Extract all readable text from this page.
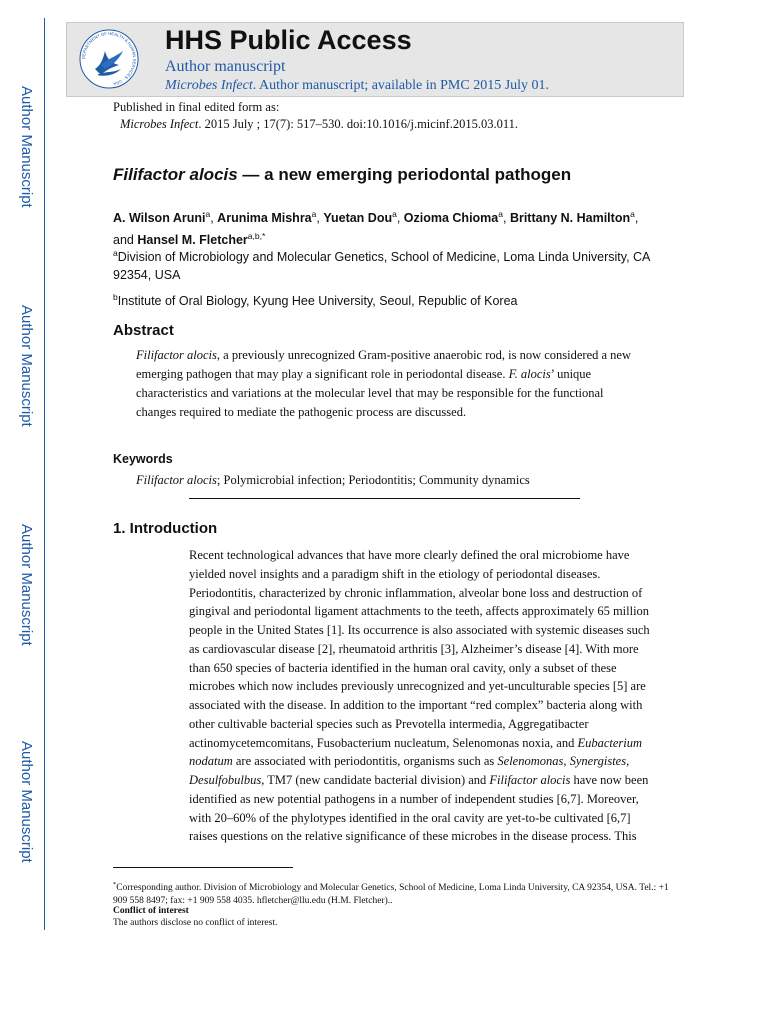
Author Manuscript
Author Manuscript
Author Manuscript
Author Manuscript
DEPARTMENT OF HEALTH & HUMAN SERVICES · USA
HHS Public Access
Author manuscript
Microbes Infect. Author manuscript; available in PMC 2015 July 01.
Published in final edited form as:
Microbes Infect. 2015 July ; 17(7): 517–530. doi:10.1016/j.micinf.2015.03.011.
Filifactor alocis — a new emerging periodontal pathogen
A. Wilson Aruni$^a$, Arunima Mishra$^a$, Yuetan Dou$^a$, Ozioma Chioma$^a$, Brittany N. Hamilton$^a$,
and Hansel M. Fletcher$^{a,b,*}$
$^a$Division of Microbiology and Molecular Genetics, School of Medicine, Loma Linda University, CA 92354, USA
$^b$Institute of Oral Biology, Kyung Hee University, Seoul, Republic of Korea
Abstract
Filifactor alocis, a previously unrecognized Gram-positive anaerobic rod, is now considered a new emerging pathogen that may play a significant role in periodontal disease. F. alocis’ unique characteristics and variations at the molecular level that may be responsible for the functional changes required to mediate the pathogenic process are discussed.
Keywords
Filifactor alocis; Polymicrobial infection; Periodontitis; Community dynamics
1. Introduction
Recent technological advances that have more clearly defined the oral microbiome have yielded novel insights and a paradigm shift in the etiology of periodontal diseases. Periodontitis, characterized by chronic inflammation, alveolar bone loss and destruction of gingival and periodontal ligament attachments to the teeth, affects approximately 65 million people in the United States [1]. Its occurrence is also associated with systemic diseases such as cardiovascular disease [2], rheumatoid arthritis [3], Alzheimer’s disease [4]. With more than 650 species of bacteria identified in the human oral cavity, only a subset of these microbes which now includes previously unrecognized and yet-unculturable species [5] are associated with the disease. In addition to the important “red complex” bacteria along with other cultivable bacterial species such as Prevotella intermedia, Aggregatibacter actinomycetemcomitans, Fusobacterium nucleatum, Selenomonas noxia, and Eubacterium nodatum are associated with periodontitis, organisms such as Selenomonas, Synergistes, Desulfobulbus, TM7 (new candidate bacterial division) and Filifactor alocis have now been identified as new potential pathogens in a number of independent studies [6,7]. Moreover, with 20–60% of the phylotypes identified in the oral cavity are yet-to-be cultivated [6,7] raises questions on the relative significance of these microbes in the disease process. This
*Corresponding author. Division of Microbiology and Molecular Genetics, School of Medicine, Loma Linda University, CA 92354, USA. Tel.: +1 909 558 8497; fax: +1 909 558 4035. hfletcher@llu.edu (H.M. Fletcher)..
Conflict of interest
The authors disclose no conflict of interest.
